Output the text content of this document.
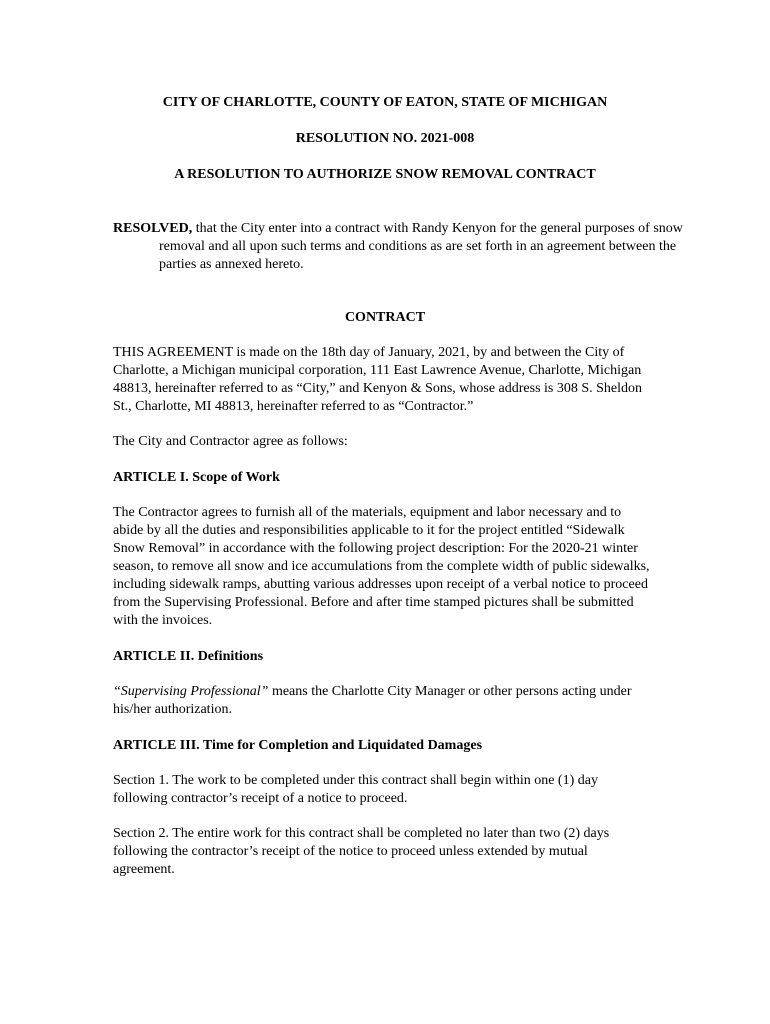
CITY OF CHARLOTTE, COUNTY OF EATON, STATE OF MICHIGAN

RESOLUTION NO. 2021-008

A RESOLUTION TO AUTHORIZE SNOW REMOVAL CONTRACT

RESOLVED, that the City enter into a contract with Randy Kenyon for the general purposes of snow removal and all upon such terms and conditions as are set forth in an agreement between the parties as annexed hereto.

CONTRACT

THIS AGREEMENT is made on the 18th day of January, 2021, by and between the City of Charlotte, a Michigan municipal corporation, 111 East Lawrence Avenue, Charlotte, Michigan 48813, hereinafter referred to as “City,” and Kenyon & Sons, whose address is 308 S. Sheldon St., Charlotte, MI 48813, hereinafter referred to as “Contractor.”

The City and Contractor agree as follows:

ARTICLE I. Scope of Work

The Contractor agrees to furnish all of the materials, equipment and labor necessary and to abide by all the duties and responsibilities applicable to it for the project entitled “Sidewalk Snow Removal” in accordance with the following project description: For the 2020-21 winter season, to remove all snow and ice accumulations from the complete width of public sidewalks, including sidewalk ramps, abutting various addresses upon receipt of a verbal notice to proceed from the Supervising Professional. Before and after time stamped pictures shall be submitted with the invoices.

ARTICLE II. Definitions

“Supervising Professional” means the Charlotte City Manager or other persons acting under his/her authorization.

ARTICLE III. Time for Completion and Liquidated Damages

Section 1. The work to be completed under this contract shall begin within one (1) day following contractor’s receipt of a notice to proceed.

Section 2. The entire work for this contract shall be completed no later than two (2) days following the contractor’s receipt of the notice to proceed unless extended by mutual agreement.
